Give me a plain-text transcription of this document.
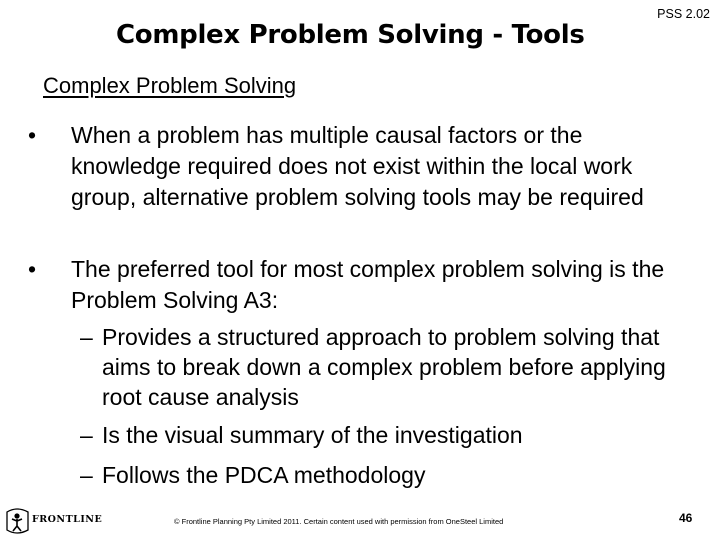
Complex Problem Solving - Tools
PSS 2.02
Complex Problem Solving
• When a problem has multiple causal factors or the knowledge required does not exist within the local work group, alternative problem solving tools may be required
• The preferred tool for most complex problem solving is the Problem Solving A3:
– Provides a structured approach to problem solving that aims to break down a complex problem before applying root cause analysis
– Is the visual summary of the investigation
– Follows the PDCA methodology
FRONTLINE	© Frontline Planning Pty Limited 2011. Certain content used with permission from OneSteel Limited	46
